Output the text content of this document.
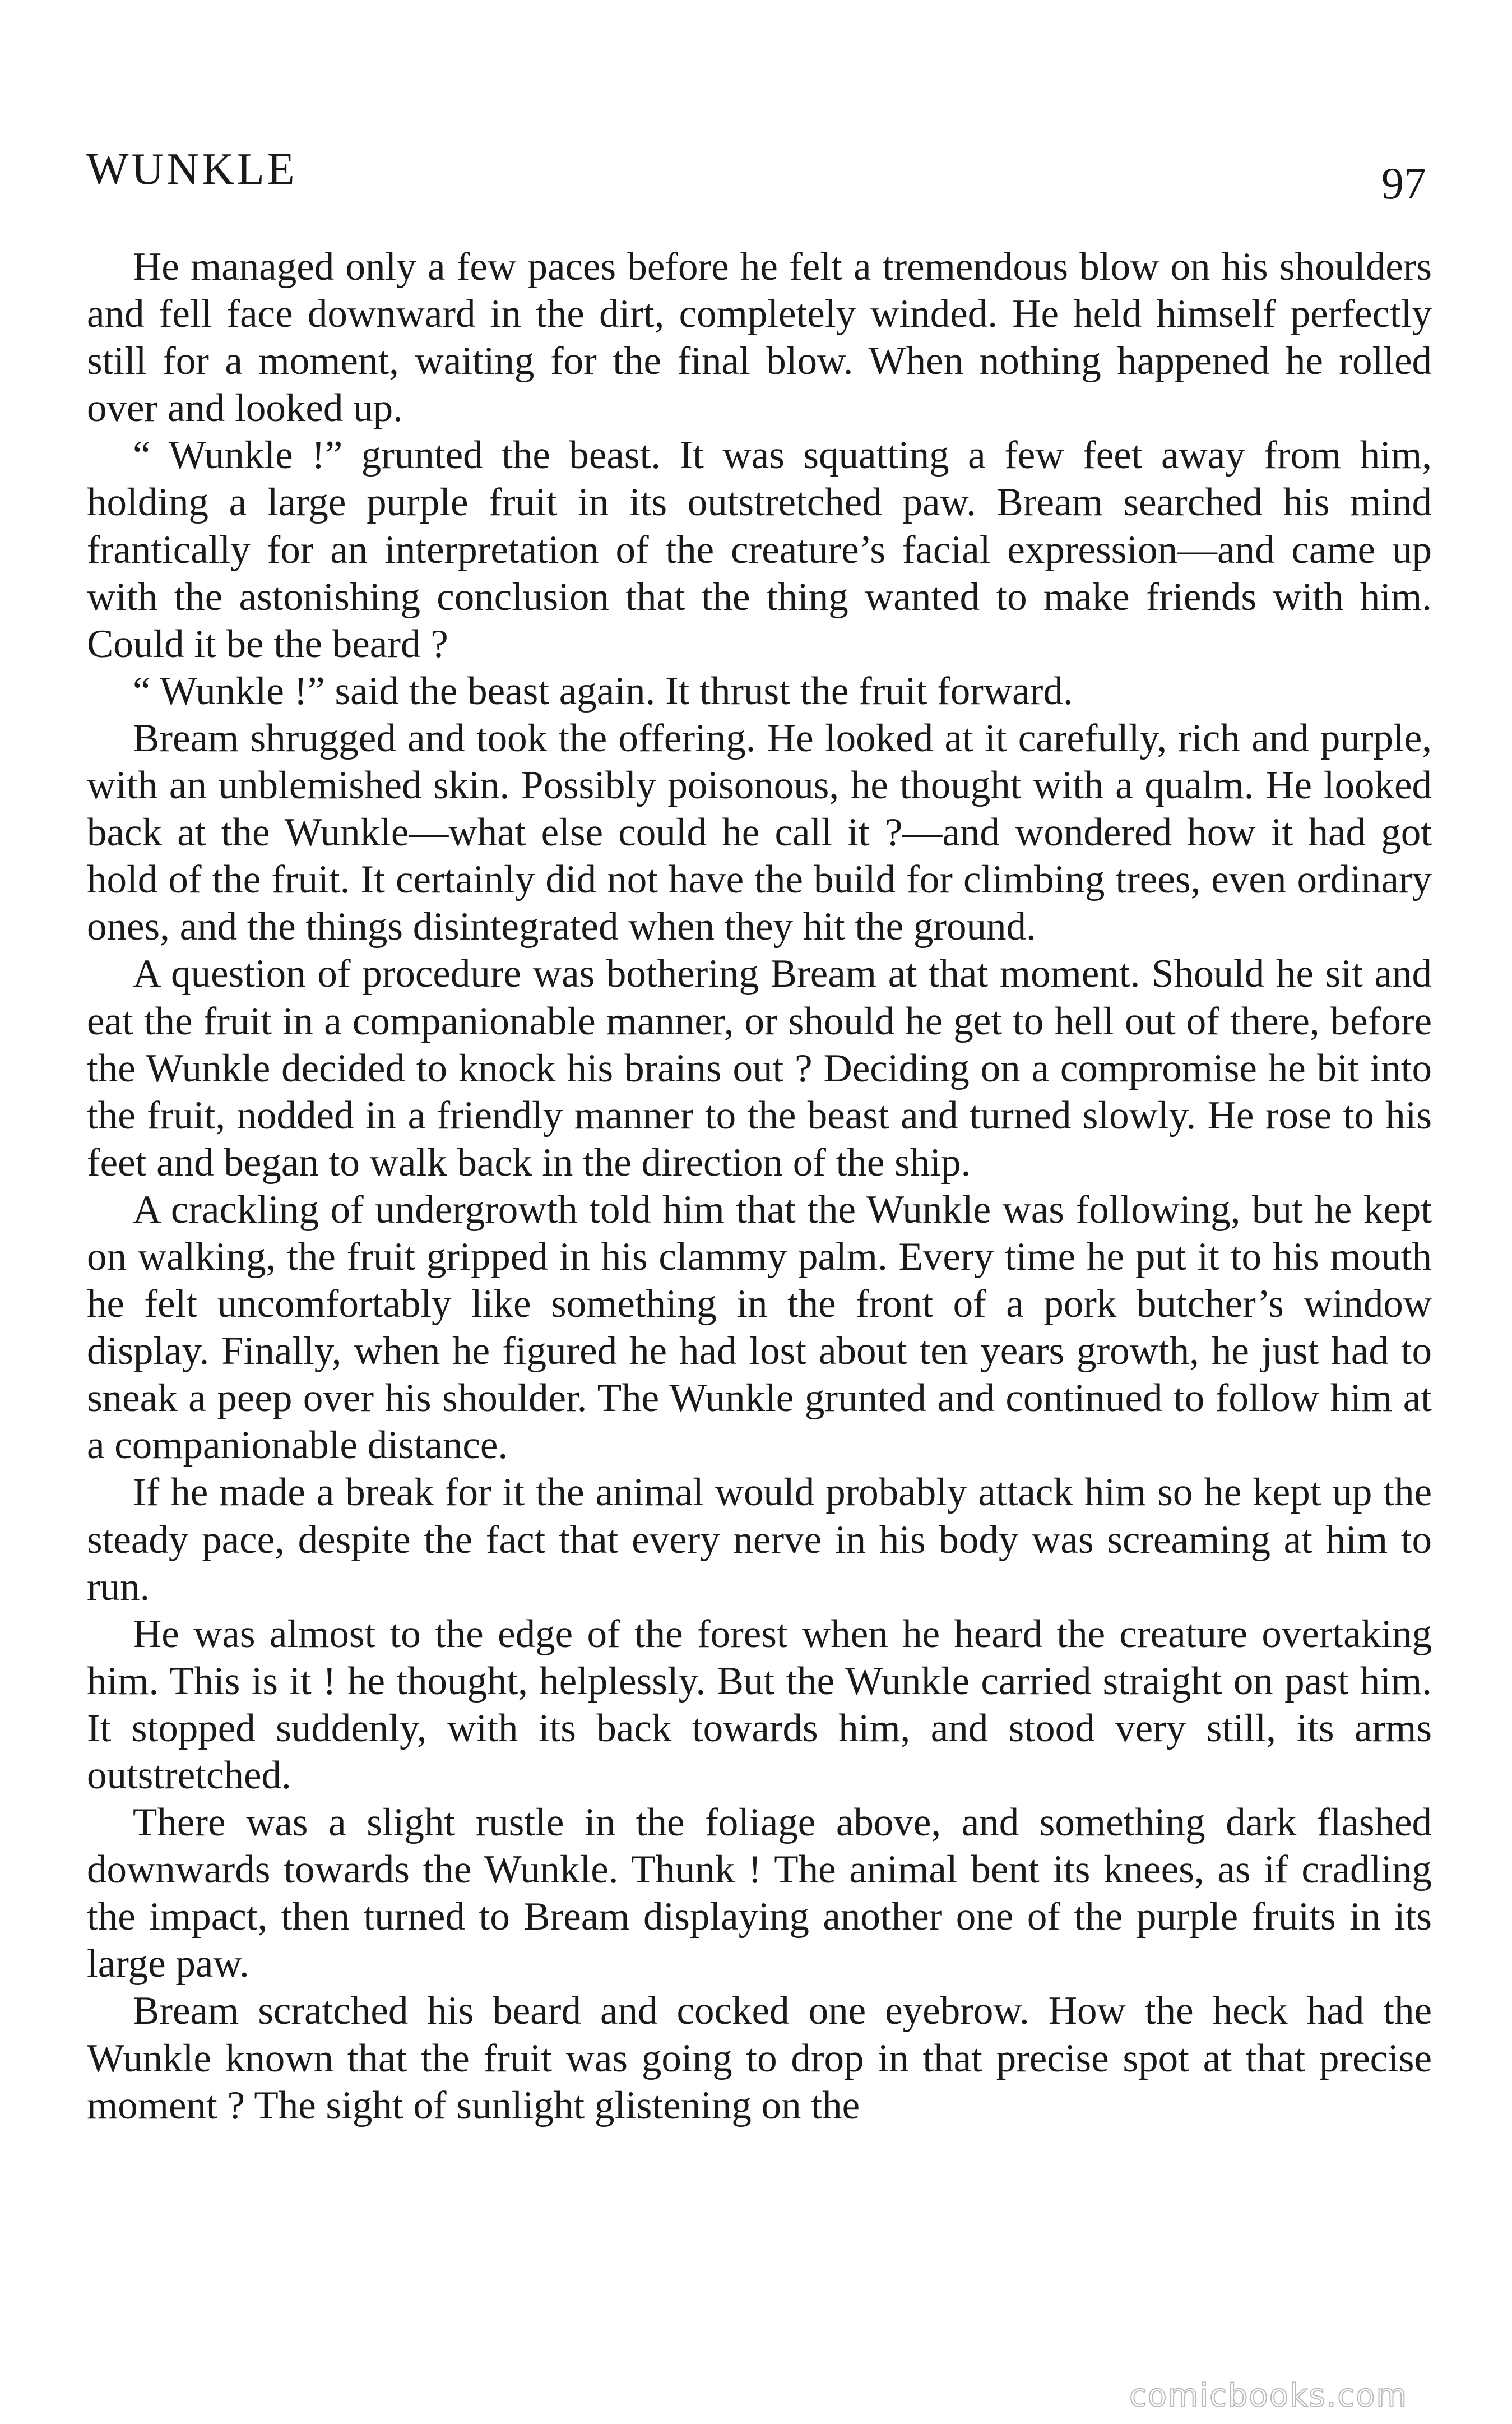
WUNKLE	97

He managed only a few paces before he felt a tremendous blow on his shoulders and fell face downward in the dirt, completely winded. He held himself perfectly still for a moment, waiting for the final blow. When nothing happened he rolled over and looked up.

“ Wunkle !” grunted the beast. It was squatting a few feet away from him, holding a large purple fruit in its outstretched paw. Bream searched his mind frantically for an interpretation of the creature’s facial expression—and came up with the astonishing conclusion that the thing wanted to make friends with him. Could it be the beard ?

“ Wunkle !” said the beast again. It thrust the fruit forward.

Bream shrugged and took the offering. He looked at it carefully, rich and purple, with an unblemished skin. Possibly poisonous, he thought with a qualm. He looked back at the Wunkle—what else could he call it ?—and wondered how it had got hold of the fruit. It certainly did not have the build for climbing trees, even ordinary ones, and the things disintegrated when they hit the ground.

A question of procedure was bothering Bream at that moment. Should he sit and eat the fruit in a companionable manner, or should he get to hell out of there, before the Wunkle decided to knock his brains out ? Deciding on a compromise he bit into the fruit, nodded in a friendly manner to the beast and turned slowly. He rose to his feet and began to walk back in the direction of the ship.

A crackling of undergrowth told him that the Wunkle was following, but he kept on walking, the fruit gripped in his clammy palm. Every time he put it to his mouth he felt uncomfortably like something in the front of a pork butcher’s window display. Finally, when he figured he had lost about ten years growth, he just had to sneak a peep over his shoulder. The Wunkle grunted and continued to follow him at a companionable distance.

If he made a break for it the animal would probably attack him so he kept up the steady pace, despite the fact that every nerve in his body was screaming at him to run.

He was almost to the edge of the forest when he heard the creature overtaking him. This is it ! he thought, helplessly. But the Wunkle carried straight on past him. It stopped suddenly, with its back towards him, and stood very still, its arms outstretched.

There was a slight rustle in the foliage above, and something dark flashed downwards towards the Wunkle. Thunk ! The animal bent its knees, as if cradling the impact, then turned to Bream displaying another one of the purple fruits in its large paw.

Bream scratched his beard and cocked one eyebrow. How the heck had the Wunkle known that the fruit was going to drop in that precise spot at that precise moment ? The sight of sunlight glistening on the

comicbooks.com
